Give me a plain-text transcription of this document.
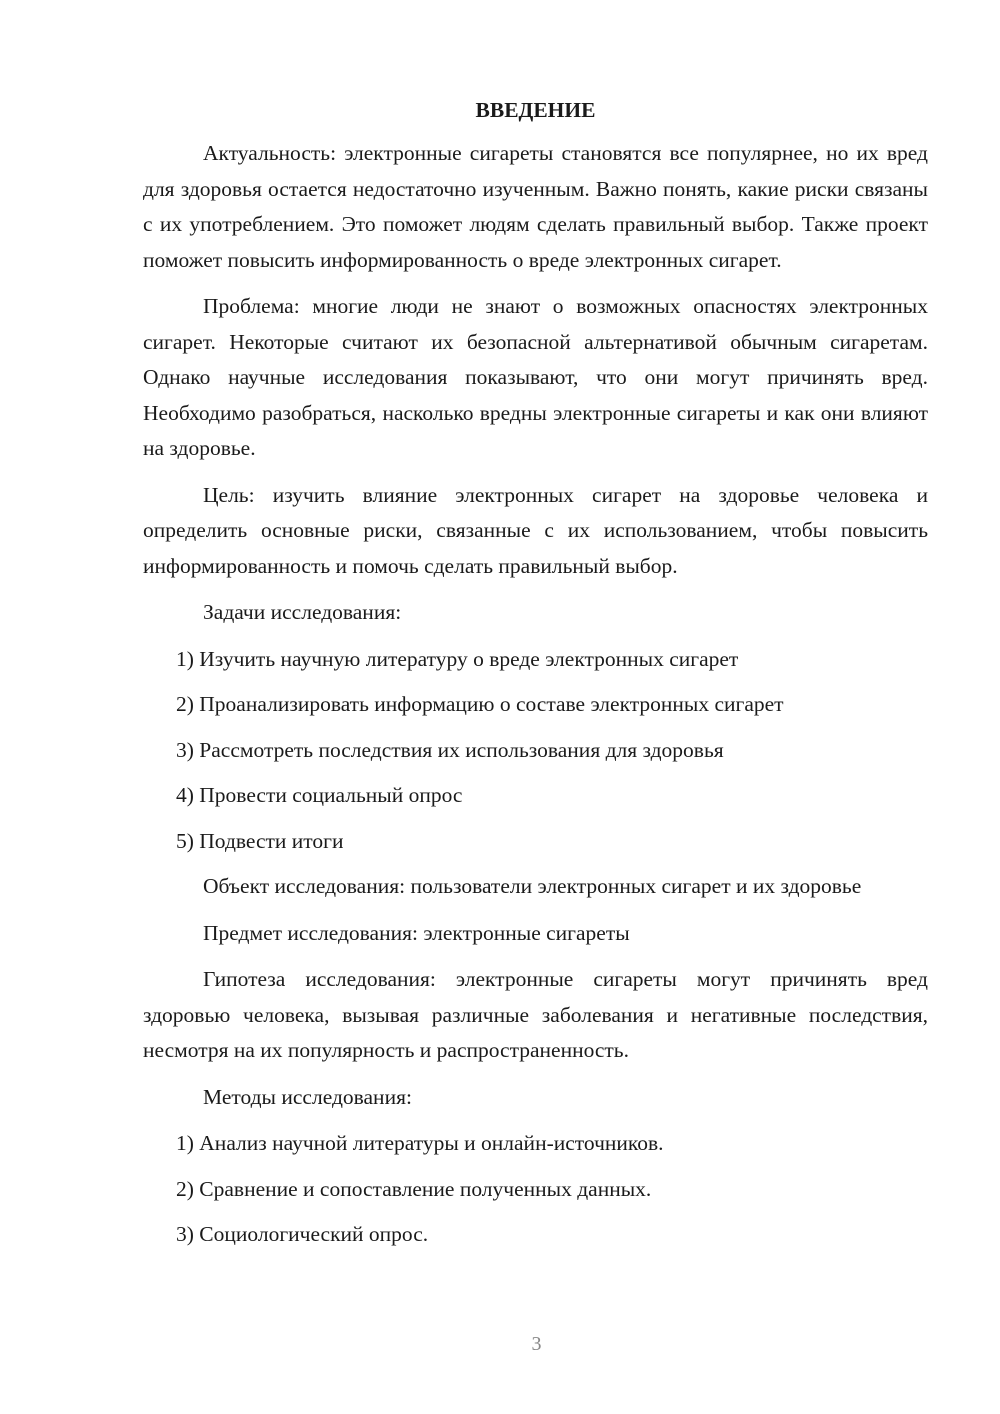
ВВЕДЕНИЕ
Актуальность: электронные сигареты становятся все популярнее, но их вред для здоровья остается недостаточно изученным. Важно понять, какие риски связаны с их употреблением. Это поможет людям сделать правильный выбор. Также проект поможет повысить информированность о вреде электронных сигарет.
Проблема: многие люди не знают о возможных опасностях электронных сигарет. Некоторые считают их безопасной альтернативой обычным сигаретам. Однако научные исследования показывают, что они могут причинять вред. Необходимо разобраться, насколько вредны электронные сигареты и как они влияют на здоровье.
Цель: изучить влияние электронных сигарет на здоровье человека и определить основные риски, связанные с их использованием, чтобы повысить информированность и помочь сделать правильный выбор.
Задачи исследования:
1) Изучить научную литературу о вреде электронных сигарет
2) Проанализировать информацию о составе электронных сигарет
3) Рассмотреть последствия их использования для здоровья
4) Провести социальный опрос
5) Подвести итоги
Объект исследования: пользователи электронных сигарет и их здоровье
Предмет исследования: электронные сигареты
Гипотеза исследования: электронные сигареты могут причинять вред здоровью человека, вызывая различные заболевания и негативные последствия, несмотря на их популярность и распространенность.
Методы исследования:
1) Анализ научной литературы и онлайн-источников.
2) Сравнение и сопоставление полученных данных.
3) Социологический опрос.
3
